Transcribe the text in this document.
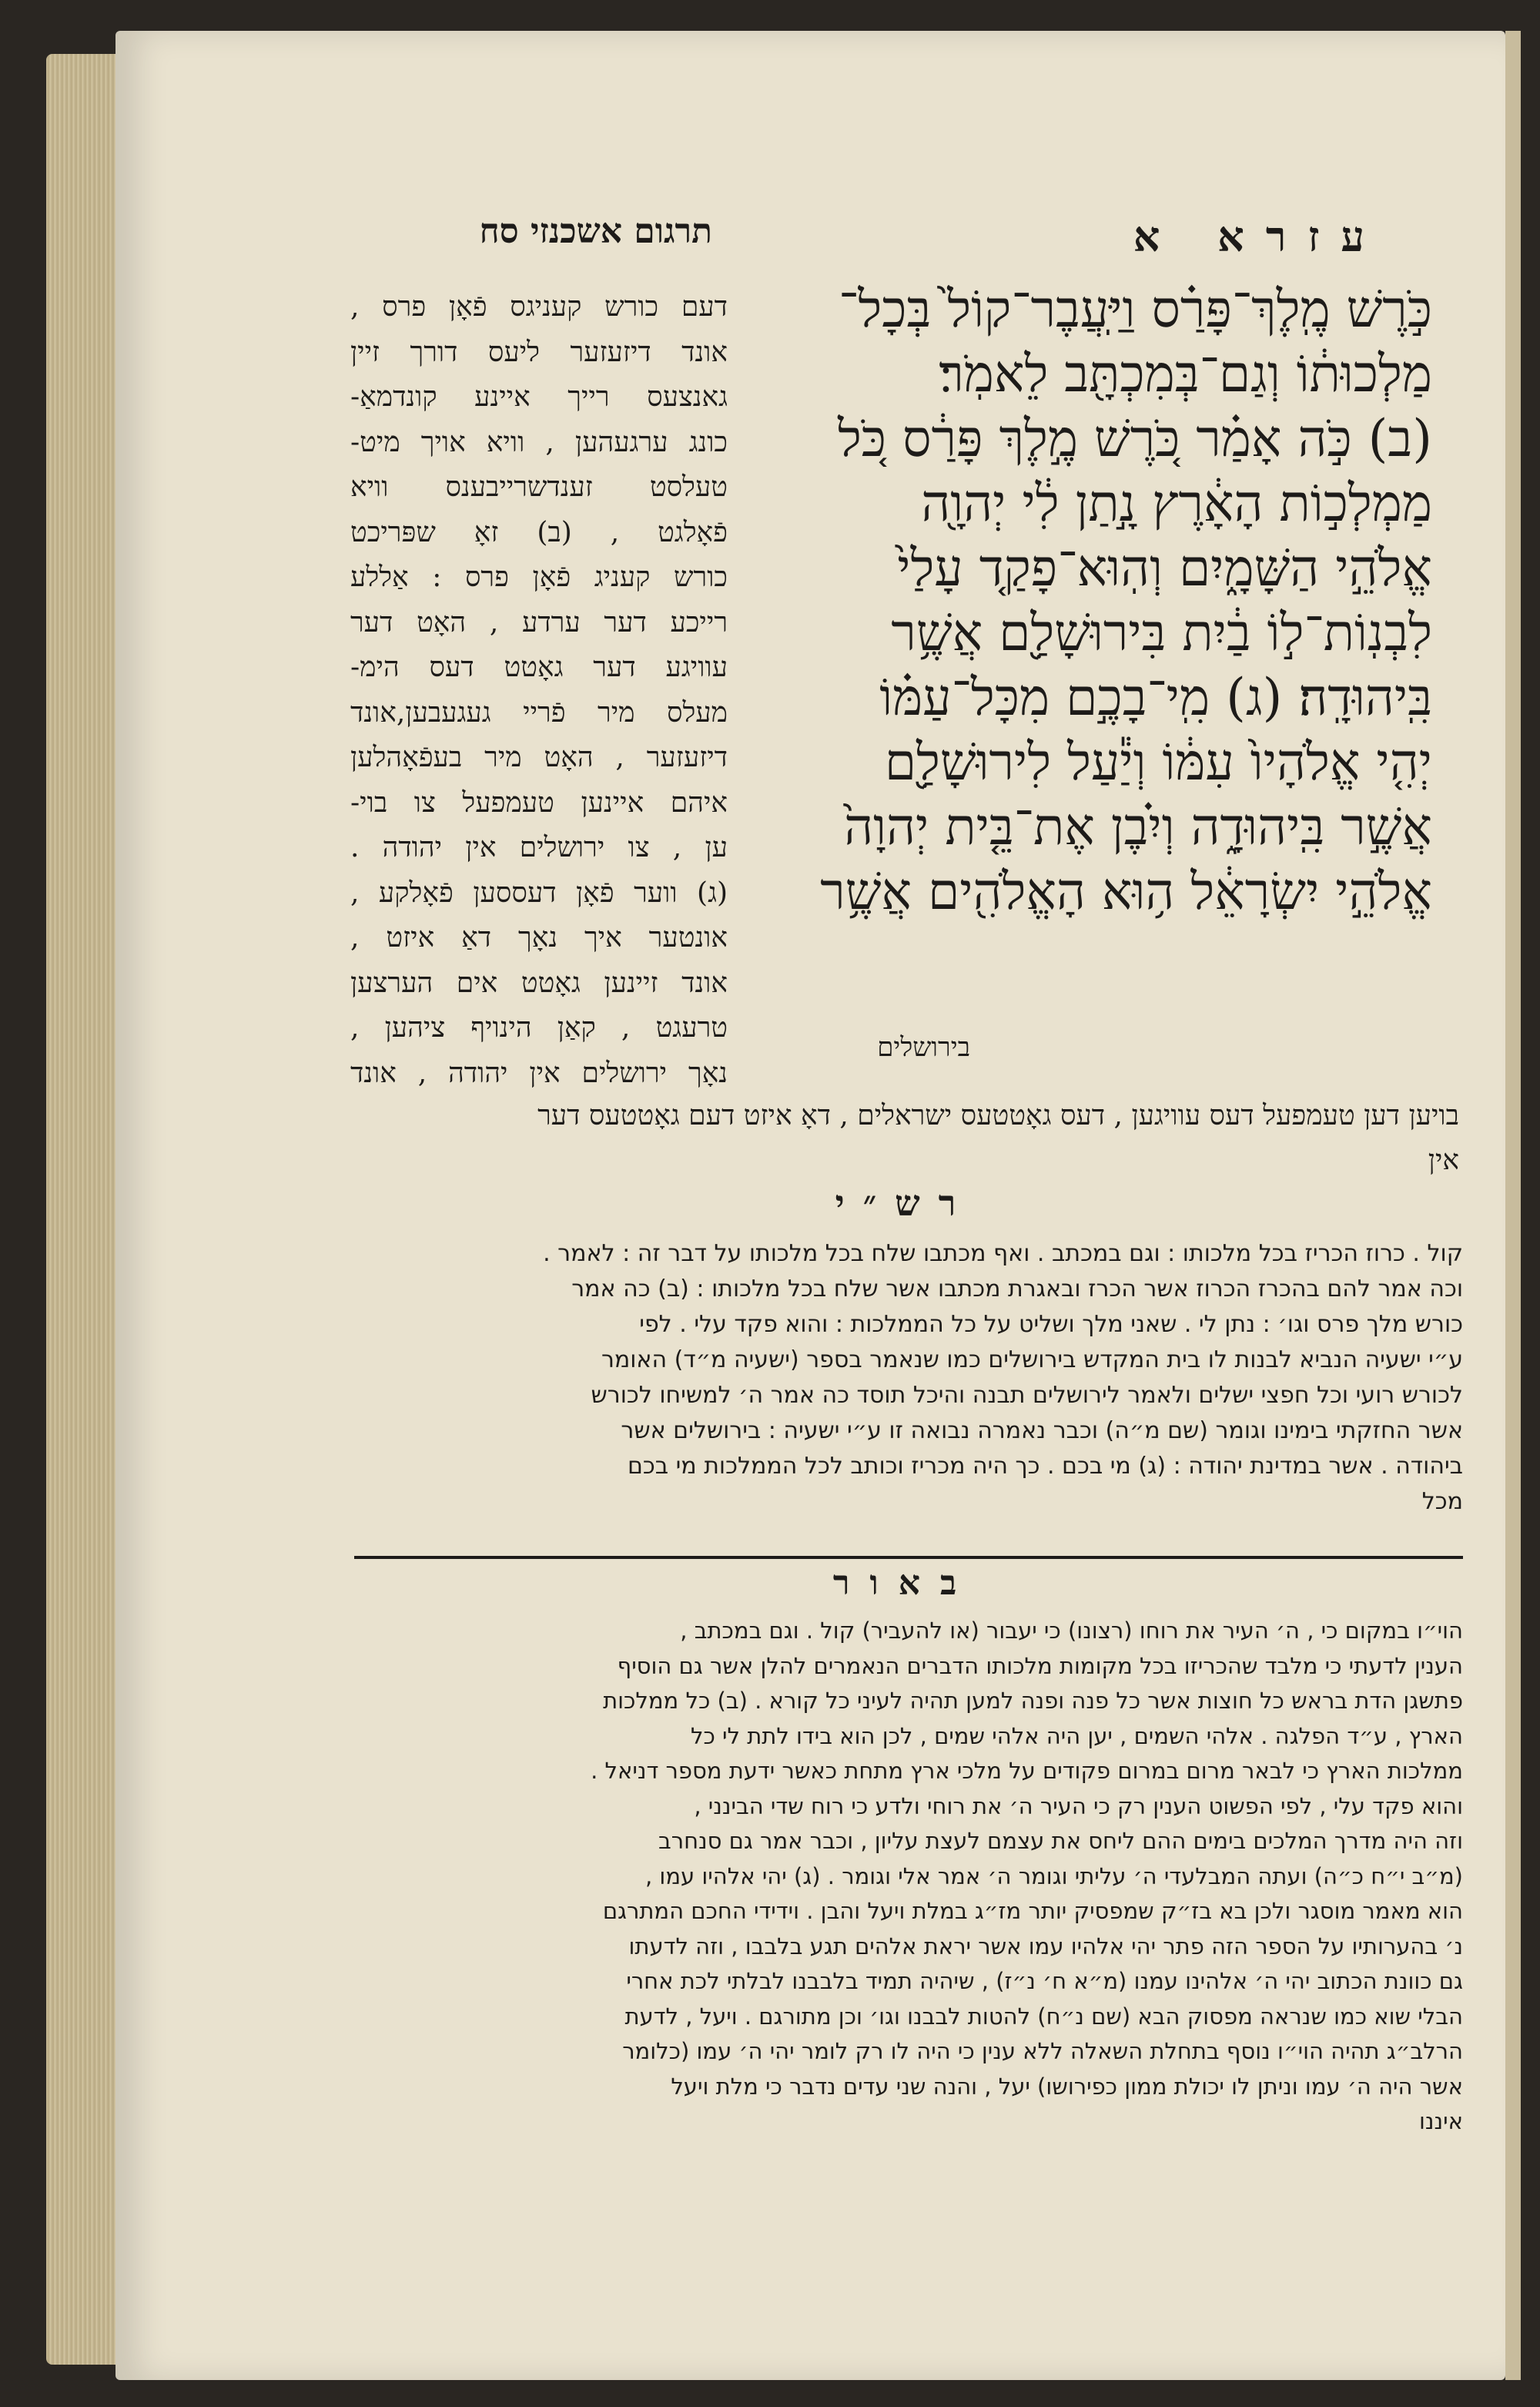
עזרא א
תרגום אשכנזי סח
כֹּ֣רֶשׁ מֶֽלֶךְ־פָּרַ֗ס וַיַּֽעֲבֶר־קוֹל֙ בְּכָל־
מַלְכוּת֔וֹ וְגַם־בְּמִכְתָּ֖ב לֵאמֹֽר׃
(ב) כֹּ֣ה אָמַ֗ר כֹּ֚רֶשׁ מֶ֣לֶךְ פָּרַ֔ס כֹּ֚ל
מַמְלְכ֣וֹת הָאָ֔רֶץ נָ֣תַן לִ֔י יְהוָ֖ה
אֱלֹהֵ֣י הַשָּׁמָ֑יִם וְהֽוּא־פָקַ֤ד עָלַי֙
לִבְנֽוֹת־ל֣וֹ בַ֔יִת בִּירוּשָׁלִַ֖ם אֲשֶׁ֥ר
בִּֽיהוּדָֽה׃ (ג) מִֽי־בָכֶ֣ם מִכָּל־עַמּ֗וֹ
יְהִ֤י אֱלֹהָיו֙ עִמּ֔וֹ וְיַ֕עַל לִירוּשָׁלִַ֖ם
אֲשֶׁ֣ר בִּֽיהוּדָ֑ה וְיִ֗בֶן אֶת־בֵּ֤ית יְהוָה֙
אֱלֹהֵ֣י יִשְׂרָאֵ֔ל ה֥וּא הָאֱלֹהִ֖ים אֲשֶׁ֥ר
בירושלים
דעם כורש קעניגס פֿאָן פרס ,
אונד דיזעזער ליעס דורך זיין
גאנצעס רייך איינע קונדמאַ-
כונג ערגעהען , וויא אויך מיט-
טעלסט זענדשרייבענס וויא
פֿאָלגט , (ב) זאָ שפּריכט
כורש קעניג פֿאָן פרס : אַללע
רייכע דער ערדע , האָט דער
עוויגע דער גאָטט דעס הימ-
מעלס מיר פֿריי געגעבען,אונד
דיזעזער , האָט מיר בעפֿאָהלען
איהם איינען טעמפעל צו בוי-
ען , צו ירושלים אין יהודה .
(ג) ווער פֿאָן דעססען פֿאָלקע ,
אונטער איך נאָך דאַ איזט ,
אונד זיינען גאָטט אים הערצען
טרעגט , קאַן הינויף ציהען ,
נאָך ירושלים אין יהודה , אונד
בויען דען טעמפעל דעס עוויגען , דעס גאָטטעס ישראלים , דאָ איזט דעם גאָטטעס דער
אין
רש״י
קול . כרוז הכריז בכל מלכותו : וגם במכתב . ואף מכתבו שלח בכל מלכותו על דבר זה : לאמר .
וכה אמר להם בהכרז הכרוז אשר הכרז ובאגרת מכתבו אשר שלח בכל מלכותו : (ב) כה אמר
כורש מלך פרס וגו׳ : נתן לי . שאני מלך ושליט על כל הממלכות : והוא פקד עלי . לפי
ע״י ישעיה הנביא לבנות לו בית המקדש בירושלים כמו שנאמר בספר (ישעיה מ״ד) האומר
לכורש רועי וכל חפצי ישלים ולאמר לירושלים תבנה והיכל תוסד כה אמר ה׳ למשיחו לכורש
אשר החזקתי בימינו וגומר (שם מ״ה) וכבר נאמרה נבואה זו ע״י ישעיה : בירושלים אשר
ביהודה . אשר במדינת יהודה : (ג) מי בכם . כך היה מכריז וכותב לכל הממלכות מי בכם
מכל
באור
הוי״ו במקום כי , ה׳ העיר את רוחו (רצונו) כי יעבור (או להעביר) קול . וגם במכתב ,
הענין לדעתי כי מלבד שהכריזו בכל מקומות מלכותו הדברים הנאמרים להלן אשר גם הוסיף
פתשגן הדת בראש כל חוצות אשר כל פנה ופנה למען תהיה לעיני כל קורא . (ב) כל ממלכות
הארץ , ע״ד הפלגה . אלהי השמים , יען היה אלהי שמים , לכן הוא בידו לתת לי כל
ממלכות הארץ כי לבאר מרום במרום פקודים על מלכי ארץ מתחת כאשר ידעת מספר דניאל .
והוא פקד עלי , לפי הפשוט הענין רק כי העיר ה׳ את רוחי ולדע כי רוח שדי הבינני ,
וזה היה מדרך המלכים בימים ההם ליחס את עצמם לעצת עליון , וכבר אמר גם סנחרב
(מ״ב י״ח כ״ה) ועתה המבלעדי ה׳ עליתי וגומר ה׳ אמר אלי וגומר . (ג) יהי אלהיו עמו ,
הוא מאמר מוסגר ולכן בא בז״ק שמפסיק יותר מז״ג במלת ויעל והבן . וידידי החכם המתרגם
נ׳ בהערותיו על הספר הזה פתר יהי אלהיו עמו אשר יראת אלהים תגע בלבבו , וזה לדעתו
גם כוונת הכתוב יהי ה׳ אלהינו עמנו (מ״א ח׳ נ״ז) , שיהיה תמיד בלבבנו לבלתי לכת אחרי
הבלי שוא כמו שנראה מפסוק הבא (שם נ״ח) להטות לבבנו וגו׳ וכן מתורגם . ויעל , לדעת
הרלב״ג תהיה הוי״ו נוסף בתחלת השאלה ללא ענין כי היה לו רק לומר יהי ה׳ עמו (כלומר
אשר היה ה׳ עמו וניתן לו יכולת ממון כפירושו) יעל , והנה שני עדים נדבר כי מלת ויעל
איננו
